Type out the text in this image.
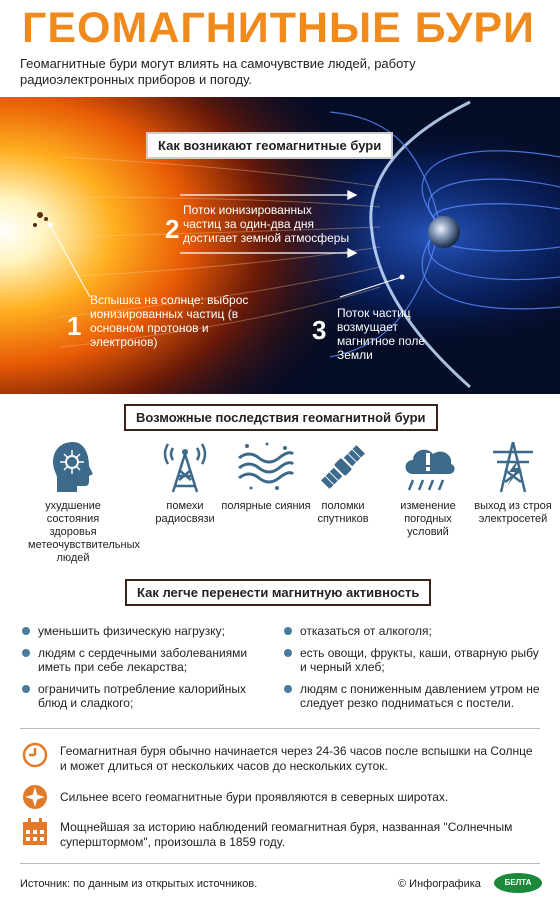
ГЕОМАГНИТНЫЕ БУРИ
Геомагнитные бури могут влиять на самочувствие людей, работу радиоэлектронных приборов и погоду.
Как возникают геомагнитные бури
2
Поток ионизированных частиц за один-два дня достигает земной атмосферы
1
Вспышка на солнце: выброс ионизированных частиц (в основном протонов и электронов)	3
Поток частиц возмущает магнитное поле Земли
Возможные последствия геомагнитной бури
ухудшение состояния здоровья метеочувствительных людей
помехи радиосвязи
полярные сияния поломки спутников
изменение погодных условий
выход из строя электросетей
Как легче перенести магнитную активность
уменьшить физическую нагрузку;
людям с сердечными заболеваниями иметь при себе лекарства;
ограничить потребление калорийных блюд и сладкого;
отказаться от алкоголя;
есть овощи, фрукты, каши, отварную рыбу и черный хлеб;
людям с пониженным давлением утром не следует резко подниматься с постели.
Геомагнитная буря обычно начинается через 24-36 часов после вспышки на Солнце и может длиться от нескольких часов до нескольких суток.
Сильнее всего геомагнитные бури проявляются в северных широтах.
Мощнейшая за историю наблюдений геомагнитная буря, названная "Солнечным суперштормом", произошла в 1859 году.
Источник: по данным из открытых источников.	© Инфографика	БЕЛТА
